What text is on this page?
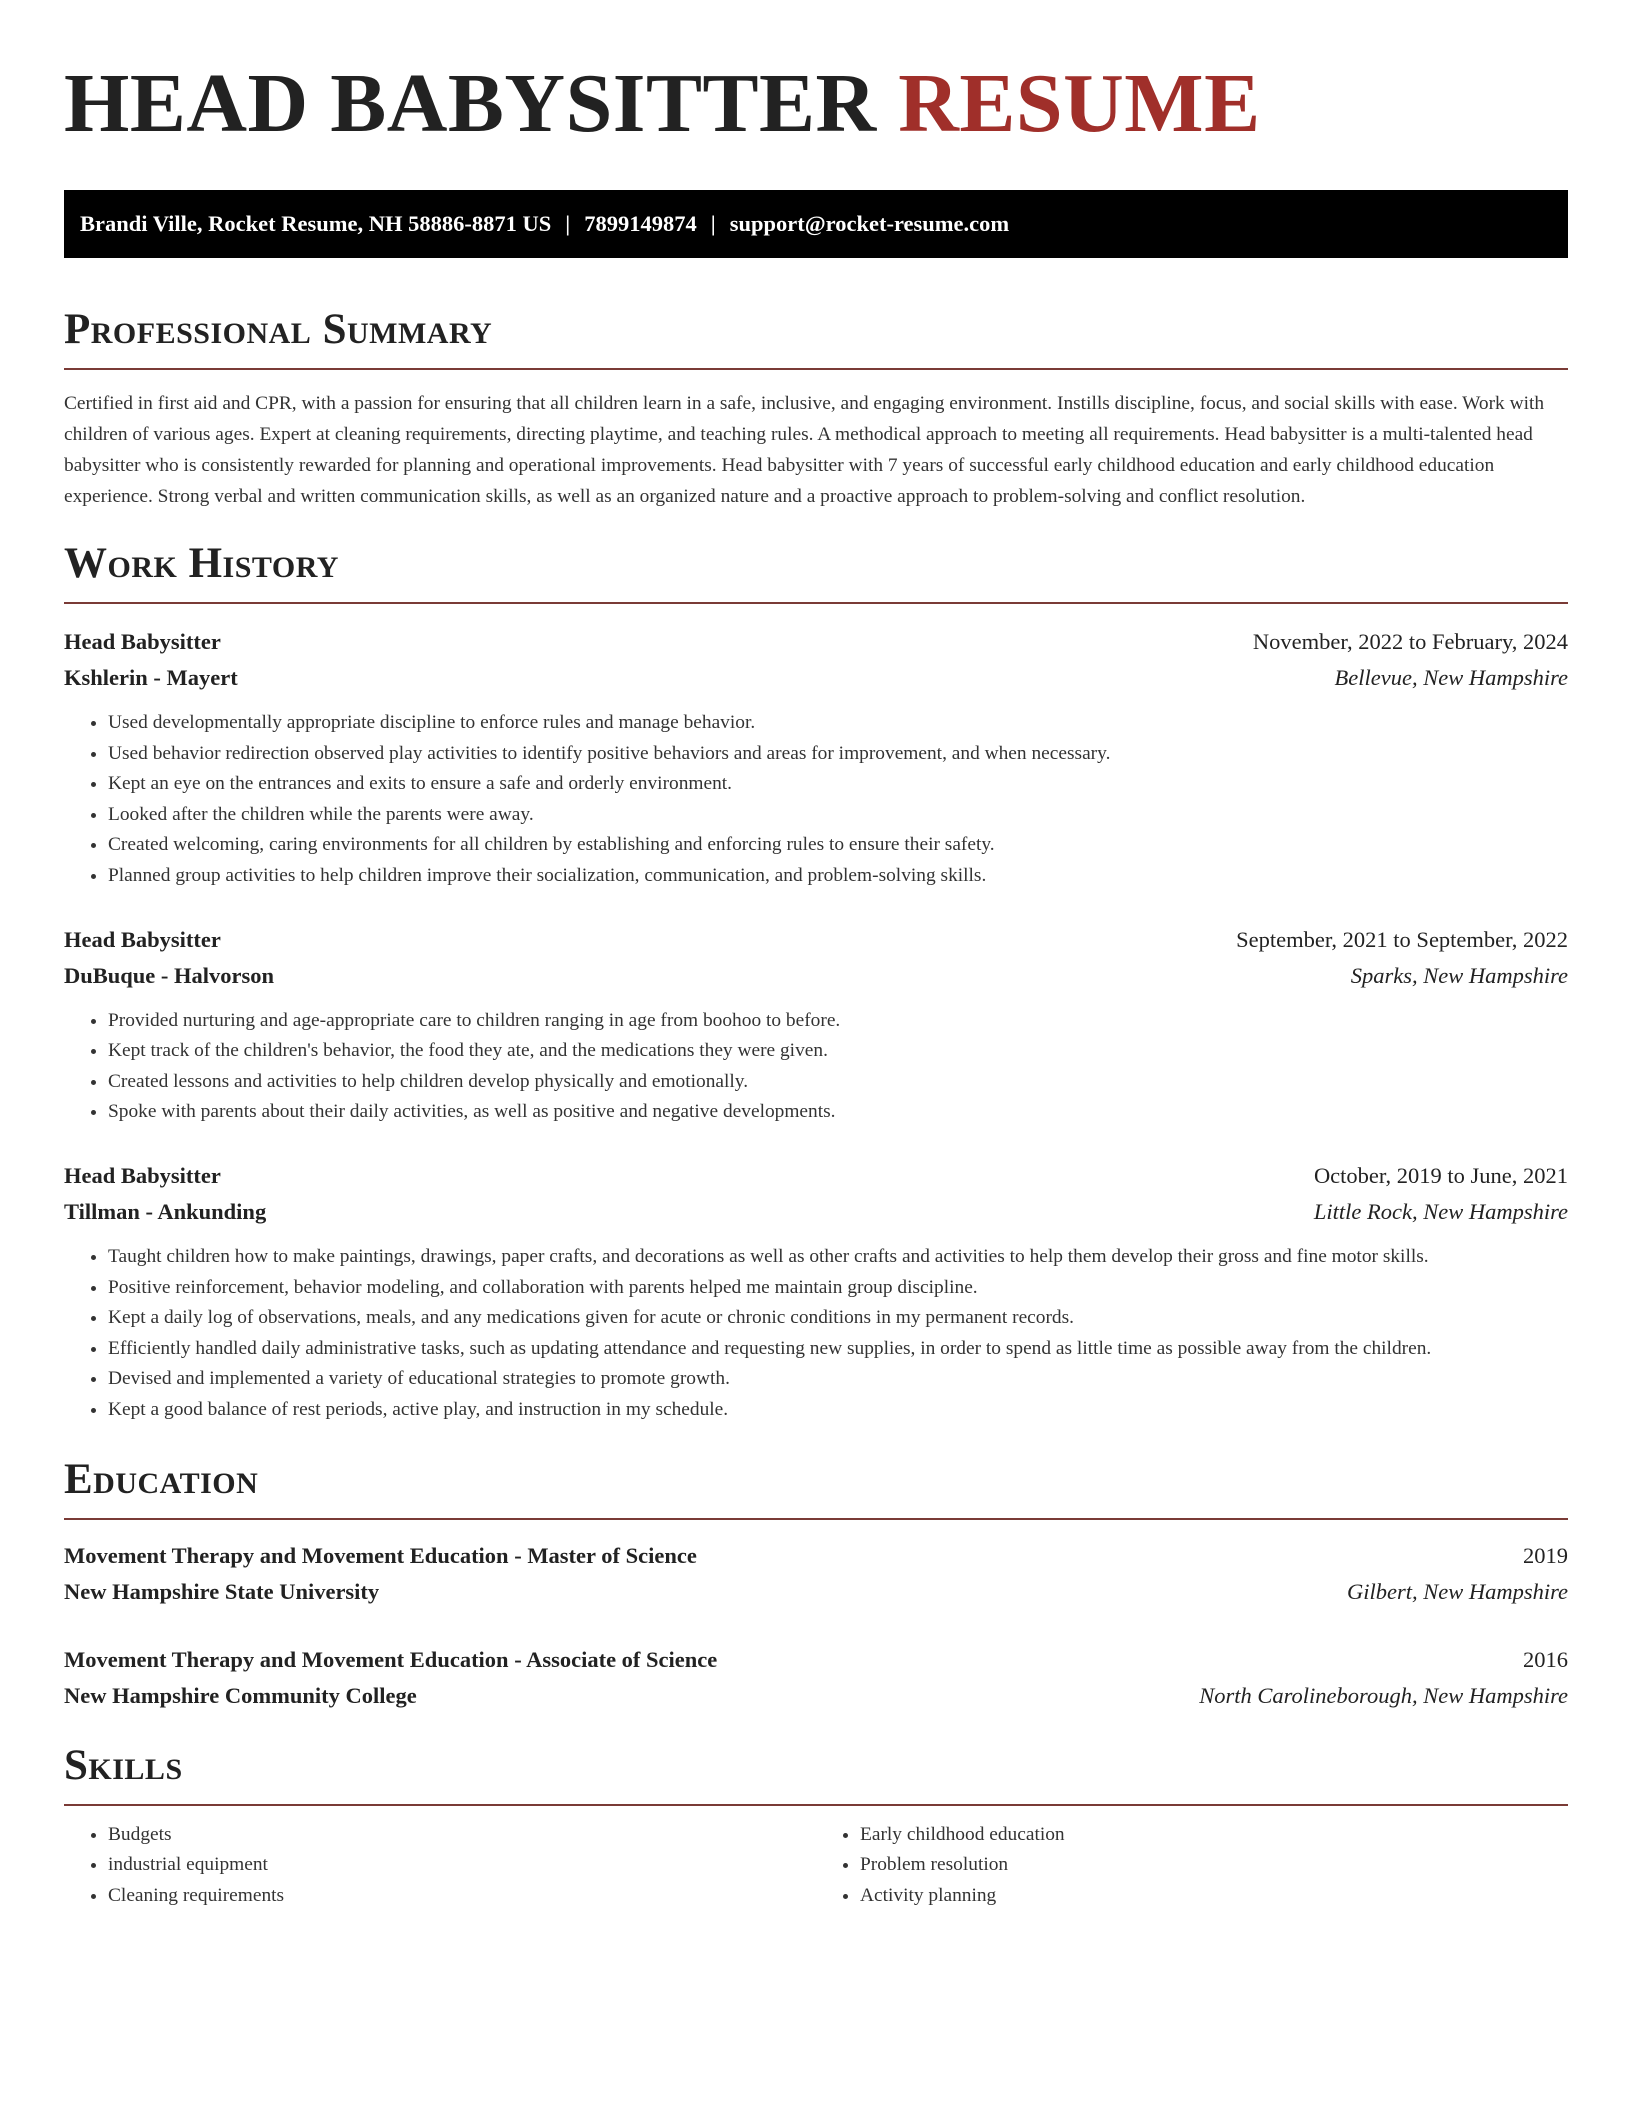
HEAD BABYSITTER RESUME
Brandi Ville, Rocket Resume, NH 58886-8871 US | 7899149874 | support@rocket-resume.com
Professional Summary

Certified in first aid and CPR, with a passion for ensuring that all children learn in a safe, inclusive, and engaging environment. Instills discipline, focus, and social skills with ease. Work with children of various ages. Expert at cleaning requirements, directing playtime, and teaching rules. A methodical approach to meeting all requirements. Head babysitter is a multi-talented head babysitter who is consistently rewarded for planning and operational improvements. Head babysitter with 7 years of successful early childhood education and early childhood education experience. Strong verbal and written communication skills, as well as an organized nature and a proactive approach to problem-solving and conflict resolution.

Work History
Head Babysitter	November, 2022 to February, 2024
Kshlerin - Mayert	Bellevue, New Hampshire
• Used developmentally appropriate discipline to enforce rules and manage behavior.
• Used behavior redirection observed play activities to identify positive behaviors and areas for improvement, and when necessary.
• Kept an eye on the entrances and exits to ensure a safe and orderly environment.
• Looked after the children while the parents were away.
• Created welcoming, caring environments for all children by establishing and enforcing rules to ensure their safety.
• Planned group activities to help children improve their socialization, communication, and problem-solving skills.
Head Babysitter	September, 2021 to September, 2022
DuBuque - Halvorson	Sparks, New Hampshire
• Provided nurturing and age-appropriate care to children ranging in age from boohoo to before.
• Kept track of the children's behavior, the food they ate, and the medications they were given.
• Created lessons and activities to help children develop physically and emotionally.
• Spoke with parents about their daily activities, as well as positive and negative developments.
Head Babysitter	October, 2019 to June, 2021
Tillman - Ankunding	Little Rock, New Hampshire
• Taught children how to make paintings, drawings, paper crafts, and decorations as well as other crafts and activities to help them develop their gross and fine motor skills.
• Positive reinforcement, behavior modeling, and collaboration with parents helped me maintain group discipline.
• Kept a daily log of observations, meals, and any medications given for acute or chronic conditions in my permanent records.
• Efficiently handled daily administrative tasks, such as updating attendance and requesting new supplies, in order to spend as little time as possible away from the children.
• Devised and implemented a variety of educational strategies to promote growth.
• Kept a good balance of rest periods, active play, and instruction in my schedule.
Education
Movement Therapy and Movement Education - Master of Science	2019
New Hampshire State University	Gilbert, New Hampshire
Movement Therapy and Movement Education - Associate of Science	2016
New Hampshire Community College	North Carolineborough, New Hampshire
Skills
• Budgets
• industrial equipment
• Cleaning requirements
• Early childhood education
• Problem resolution
• Activity planning
